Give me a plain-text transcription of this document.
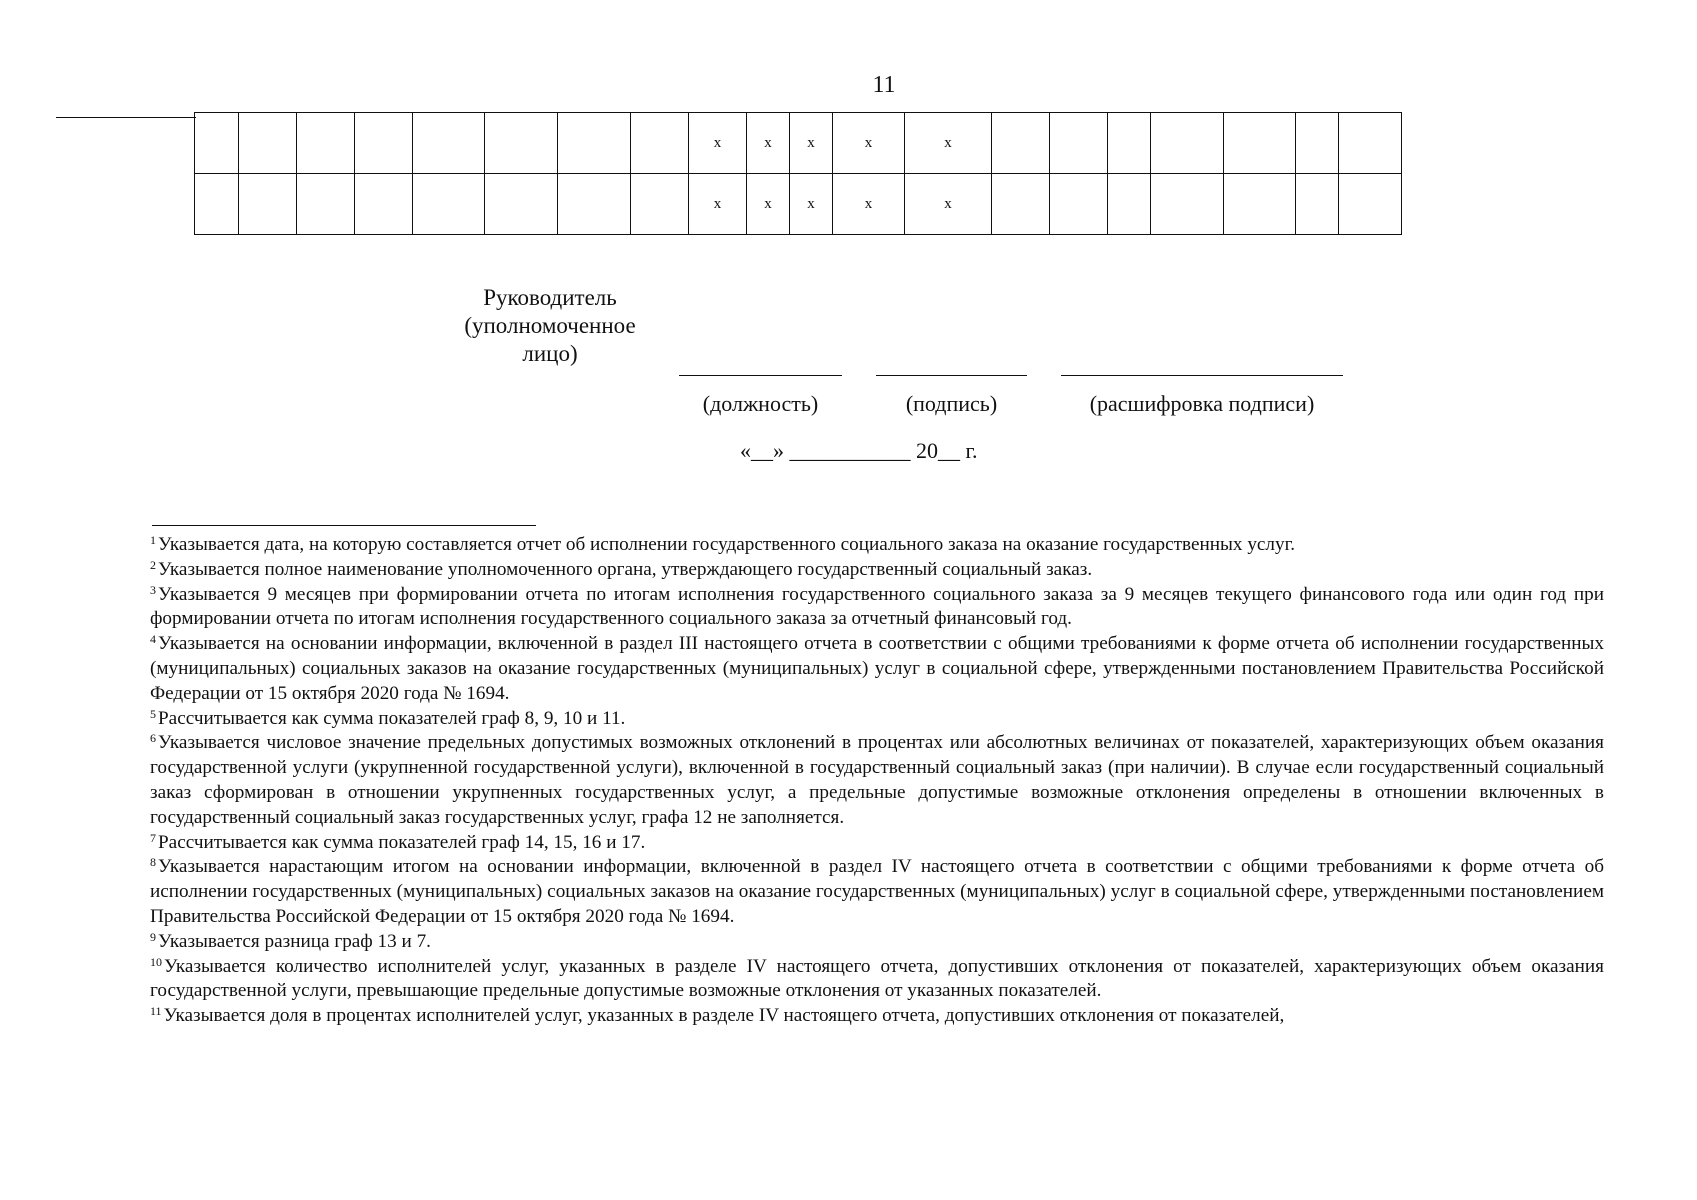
11
								x	x	x	x	x							
								x	x	x	x	x							
Руководитель (уполномоченное лицо)
(должность)	(подпись)	(расшифровка подписи)
«__» ___________ 20__ г.

$^1$ Указывается дата, на которую составляется отчет об исполнении государственного социального заказа на оказание государственных услуг.

$^2$ Указывается полное наименование уполномоченного органа, утверждающего государственный социальный заказ.

$^3$ Указывается 9 месяцев при формировании отчета по итогам исполнения государственного социального заказа за 9 месяцев текущего финансового года или один год при формировании отчета по итогам исполнения государственного социального заказа за отчетный финансовый год.

$^4$ Указывается на основании информации, включенной в раздел III настоящего отчета в соответствии с общими требованиями к форме отчета об исполнении государственных (муниципальных) социальных заказов на оказание государственных (муниципальных) услуг в социальной сфере, утвержденными постановлением Правительства Российской Федерации от 15 октября 2020 года № 1694.

$^5$ Рассчитывается как сумма показателей граф 8, 9, 10 и 11.

$^6$ Указывается числовое значение предельных допустимых возможных отклонений в процентах или абсолютных величинах от показателей, характеризующих объем оказания государственной услуги (укрупненной государственной услуги), включенной в государственный социальный заказ (при наличии). В случае если государственный социальный заказ сформирован в отношении укрупненных государственных услуг, а предельные допустимые возможные отклонения определены в отношении включенных в государственный социальный заказ государственных услуг, графа 12 не заполняется.

$^7$ Рассчитывается как сумма показателей граф 14, 15, 16 и 17.

$^8$ Указывается нарастающим итогом на основании информации, включенной в раздел IV настоящего отчета в соответствии с общими требованиями к форме отчета об исполнении государственных (муниципальных) социальных заказов на оказание государственных (муниципальных) услуг в социальной сфере, утвержденными постановлением Правительства Российской Федерации от 15 октября 2020 года № 1694.

$^9$ Указывается разница граф 13 и 7.

$^{10}$ Указывается количество исполнителей услуг, указанных в разделе IV настоящего отчета, допустивших отклонения от показателей, характеризующих объем оказания государственной услуги, превышающие предельные допустимые возможные отклонения от указанных показателей.

$^{11}$ Указывается доля в процентах исполнителей услуг, указанных в разделе IV настоящего отчета, допустивших отклонения от показателей,
